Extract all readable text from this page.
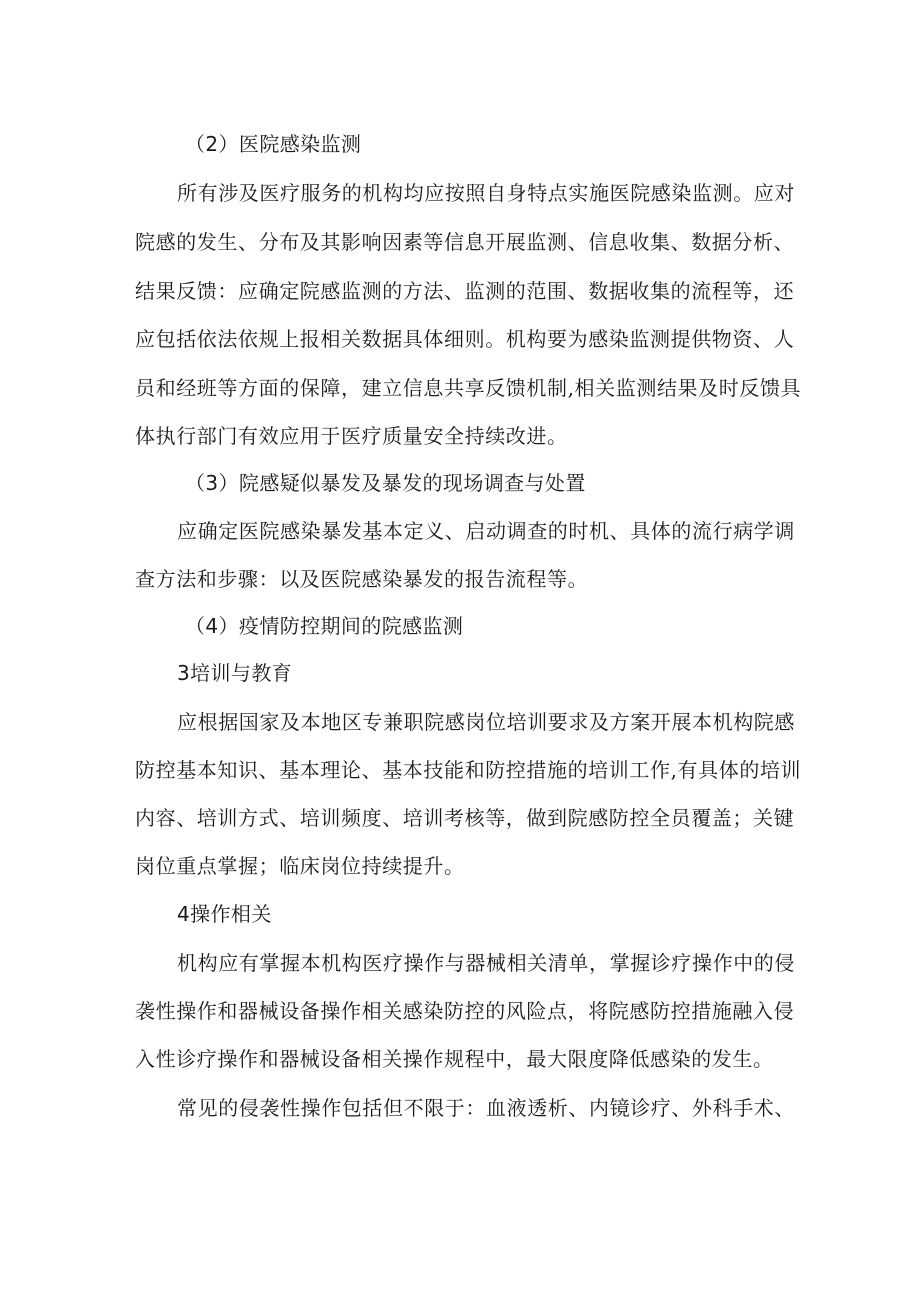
（2）医院感染监测
所有涉及医疗服务的机构均应按照自身特点实施医院感染监测。应对
院感的发生、分布及其影响因素等信息开展监测、信息收集、数据分析、
结果反馈：应确定院感监测的方法、监测的范围、数据收集的流程等，还
应包括依法依规上报相关数据具体细则。机构要为感染监测提供物资、人
员和经班等方面的保障，建立信息共享反馈机制,相关监测结果及时反馈具
体执行部门有效应用于医疗质量安全持续改进。
（3）院感疑似暴发及暴发的现场调查与处置
应确定医院感染暴发基本定义、启动调查的时机、具体的流行病学调
查方法和步骤：以及医院感染暴发的报告流程等。
（4）疫情防控期间的院感监测
3培训与教育
应根据国家及本地区专兼职院感岗位培训要求及方案开展本机构院感
防控基本知识、基本理论、基本技能和防控措施的培训工作,有具体的培训
内容、培训方式、培训频度、培训考核等，做到院感防控全员覆盖；关键
岗位重点掌握；临床岗位持续提升。
4操作相关
机构应有掌握本机构医疗操作与器械相关清单，掌握诊疗操作中的侵
袭性操作和器械设备操作相关感染防控的风险点，将院感防控措施融入侵
入性诊疗操作和器械设备相关操作规程中，最大限度降低感染的发生。
常见的侵袭性操作包括但不限于：血液透析、内镜诊疗、外科手术、
